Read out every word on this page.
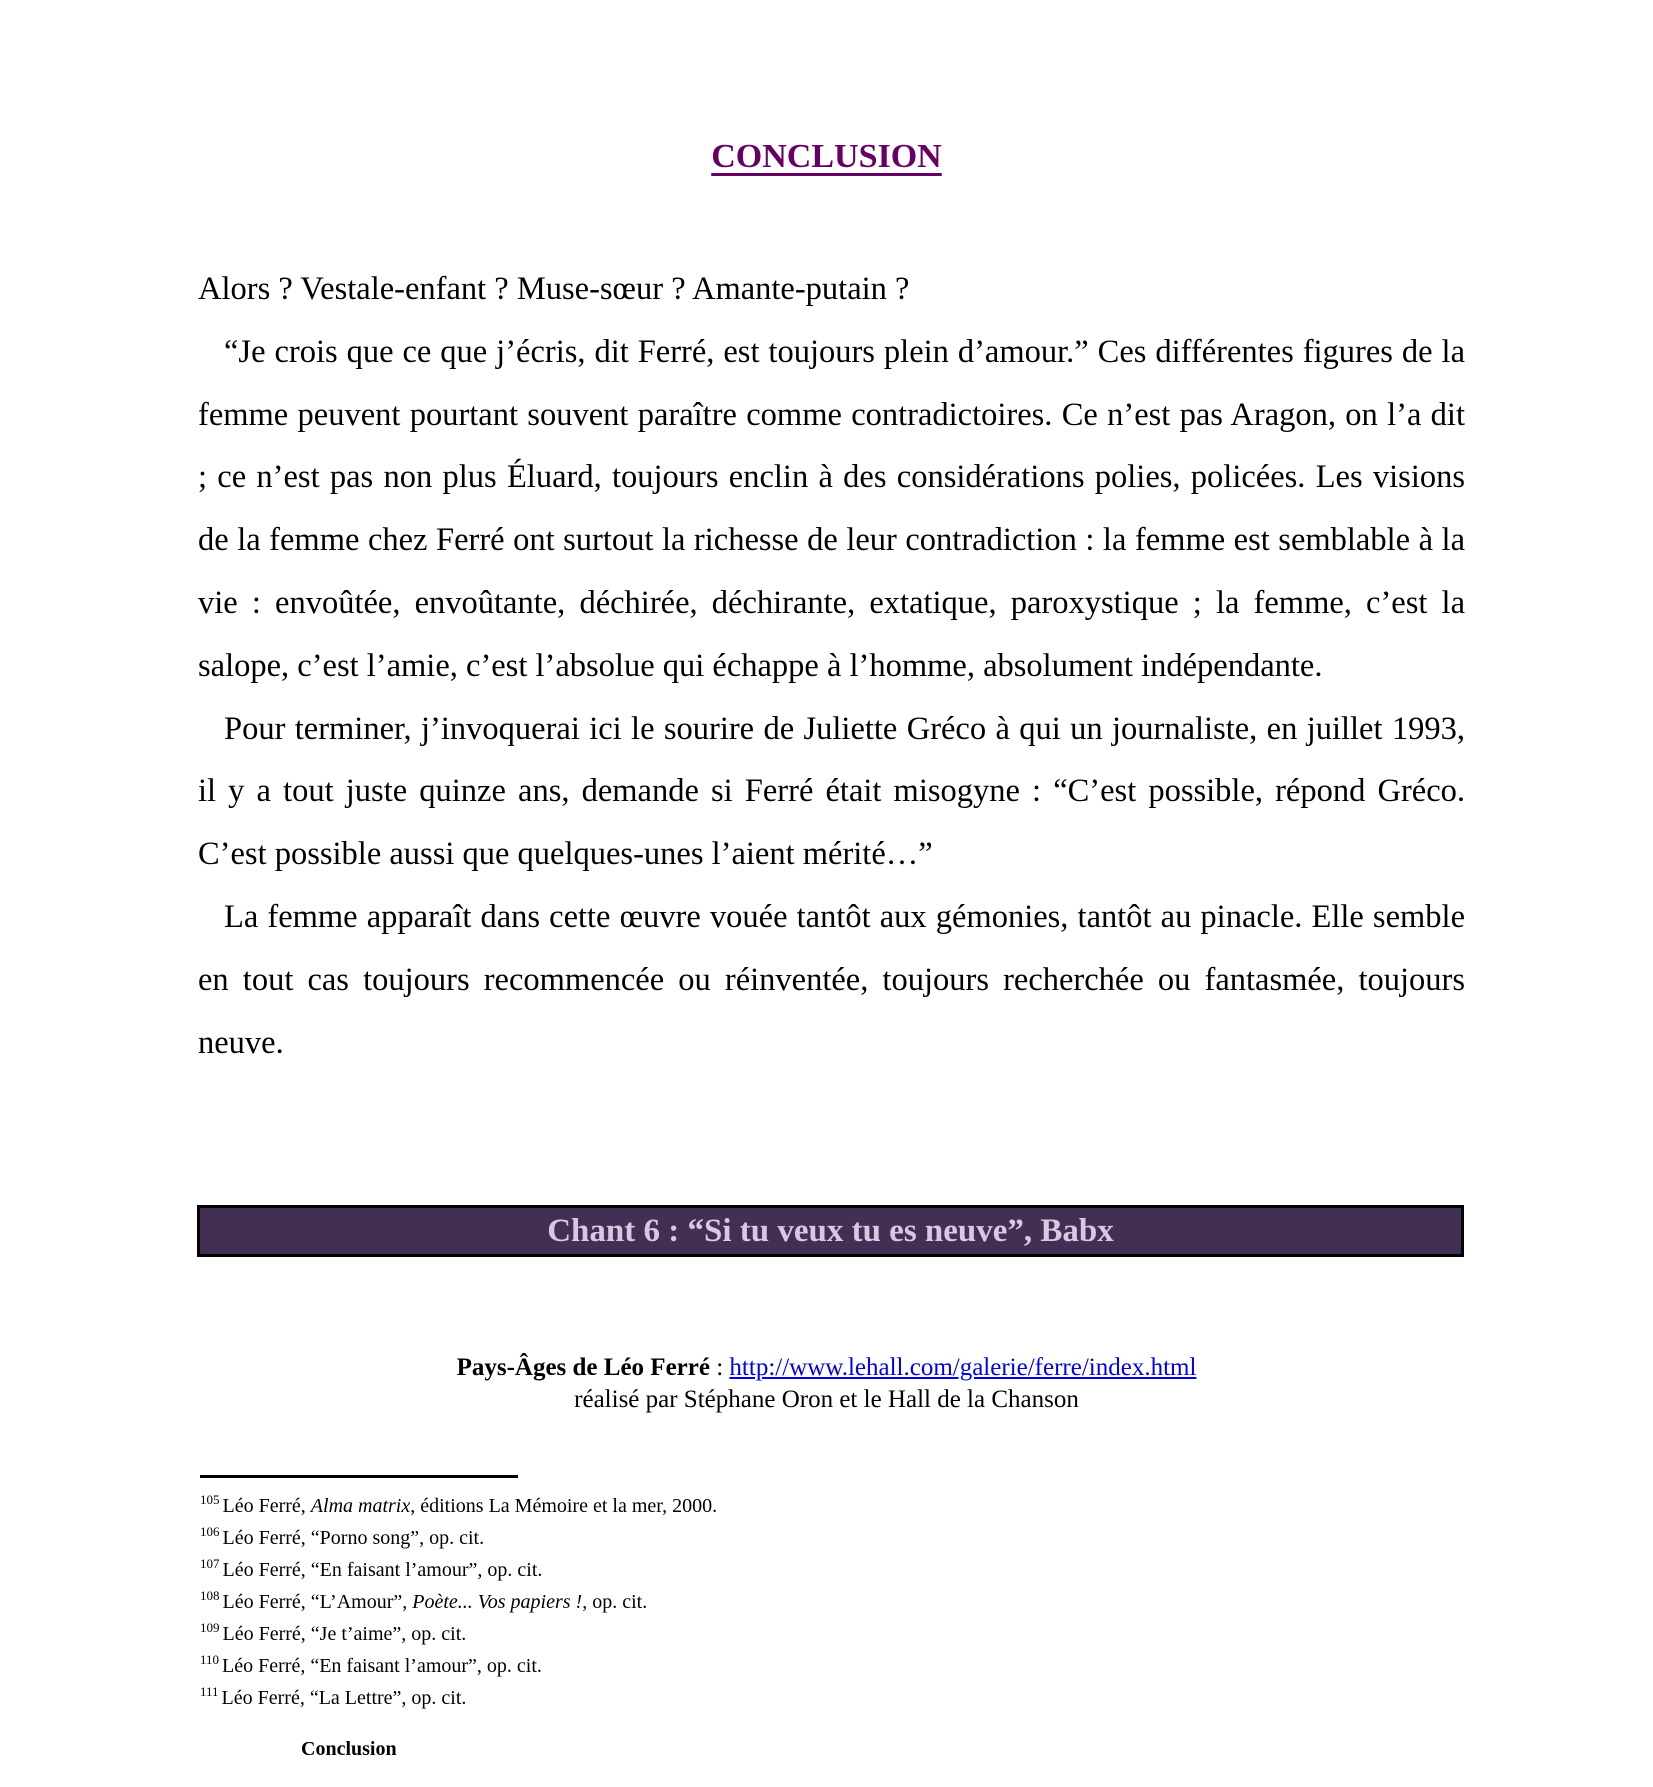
CONCLUSION

Alors ? Vestale-enfant ? Muse-sœur ? Amante-putain ?

“Je crois que ce que j’écris, dit Ferré, est toujours plein d’amour.” Ces différentes figures de la femme peuvent pourtant souvent paraître comme contradictoires. Ce n’est pas Aragon, on l’a dit ; ce n’est pas non plus Éluard, toujours enclin à des considérations polies, policées. Les visions de la femme chez Ferré ont surtout la richesse de leur contradiction : la femme est semblable à la vie : envoûtée, envoûtante, déchirée, déchirante, extatique, paroxystique ; la femme, c’est la salope, c’est l’amie, c’est l’absolue qui échappe à l’homme, absolument indépendante.

Pour terminer, j’invoquerai ici le sourire de Juliette Gréco à qui un journaliste, en juillet 1993, il y a tout juste quinze ans, demande si Ferré était misogyne : “C’est possible, répond Gréco. C’est possible aussi que quelques-unes l’aient mérité…”

La femme apparaît dans cette œuvre vouée tantôt aux gémonies, tantôt au pinacle. Elle semble en tout cas toujours recommencée ou réinventée, toujours recherchée ou fantasmée, toujours neuve.

Chant 6 : “Si tu veux tu es neuve”, Babx
Pays-Âges de Léo Ferré : http://www.lehall.com/galerie/ferre/index.html
réalisé par Stéphane Oron et le Hall de la Chanson
$^{105}$ Léo Ferré, Alma matrix, éditions La Mémoire et la mer, 2000.
$^{106}$ Léo Ferré, “Porno song”, op. cit.
$^{107}$ Léo Ferré, “En faisant l’amour”, op. cit.
$^{108}$ Léo Ferré, “L’Amour”, Poète... Vos papiers !, op. cit.
$^{109}$ Léo Ferré, “Je t’aime”, op. cit.
$^{110}$ Léo Ferré, “En faisant l’amour”, op. cit.
$^{111}$ Léo Ferré, “La Lettre”, op. cit.
Conclusion
